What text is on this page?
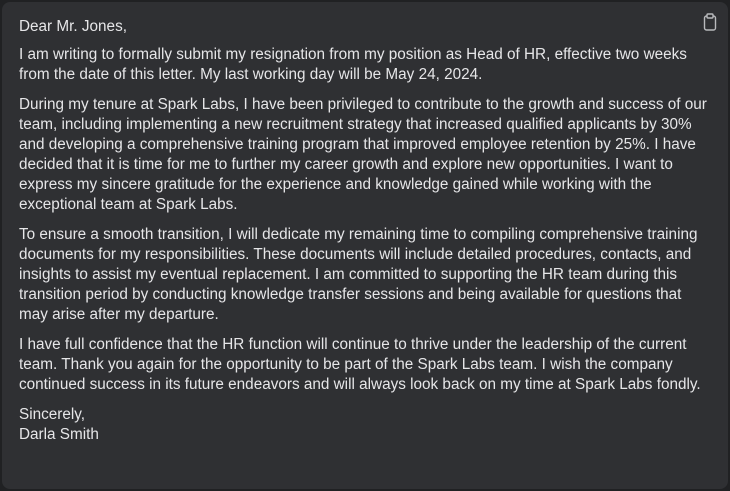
Dear Mr. Jones,

I am writing to formally submit my resignation from my position as Head of HR, effective two weeks from the date of this letter. My last working day will be May 24, 2024.

During my tenure at Spark Labs, I have been privileged to contribute to the growth and success of our team, including implementing a new recruitment strategy that increased qualified applicants by 30% and developing a comprehensive training program that improved employee retention by 25%. I have decided that it is time for me to further my career growth and explore new opportunities. I want to express my sincere gratitude for the experience and knowledge gained while working with the exceptional team at Spark Labs.

To ensure a smooth transition, I will dedicate my remaining time to compiling comprehensive training documents for my responsibilities. These documents will include detailed procedures, contacts, and insights to assist my eventual replacement. I am committed to supporting the HR team during this transition period by conducting knowledge transfer sessions and being available for questions that may arise after my departure.

I have full confidence that the HR function will continue to thrive under the leadership of the current team. Thank you again for the opportunity to be part of the Spark Labs team. I wish the company continued success in its future endeavors and will always look back on my time at Spark Labs fondly.

Sincerely,
Darla Smith
